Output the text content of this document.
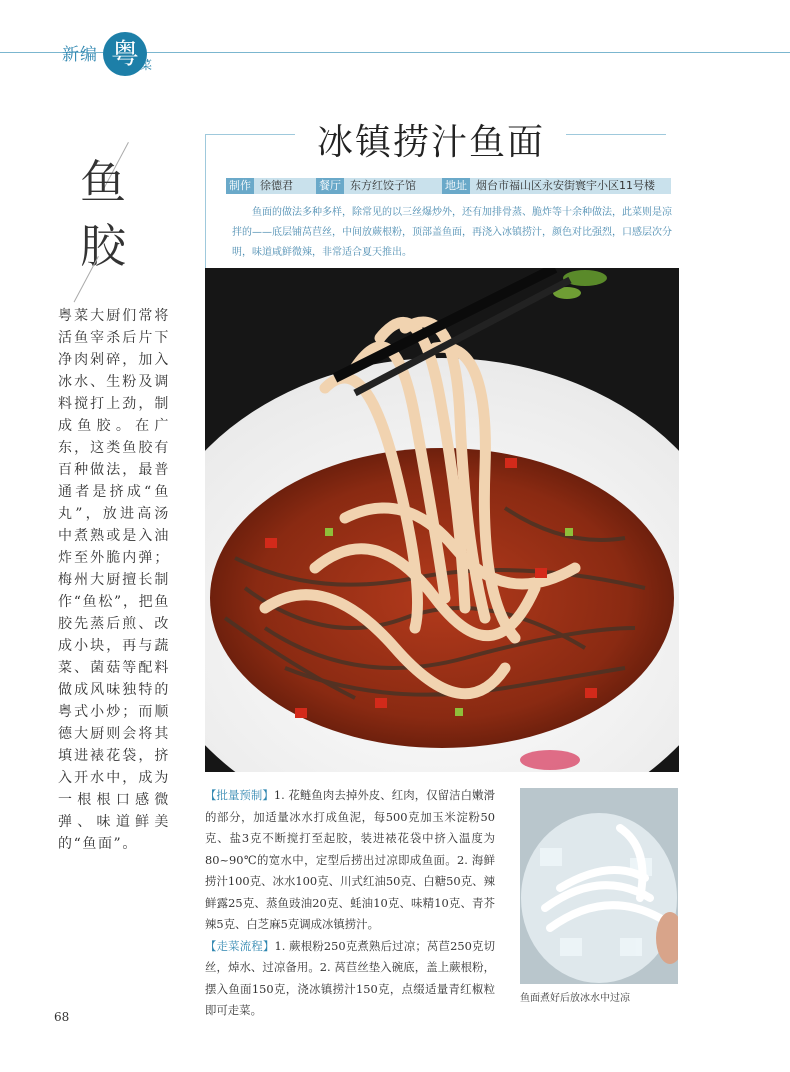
新编 粤 菜
鱼胶
粤菜大厨们常将活鱼宰杀后片下净肉剁碎，加入冰水、生粉及调料搅打上劲，制成鱼胶。在广东，这类鱼胶有百种做法，最普通者是挤成“鱼丸”，放进高汤中煮熟或是入油炸至外脆内弹；梅州大厨擅长制作“鱼松”，把鱼胶先蒸后煎、改成小块，再与蔬菜、菌菇等配料做成风味独特的粤式小炒；而顺德大厨则会将其填进裱花袋，挤入开水中，成为一根根口感微弹、味道鲜美的“鱼面”。
冰镇捞汁鱼面
制作 徐德君 餐厅 东方红饺子馆	地址 烟台市福山区永安街寰宇小区11号楼
鱼面的做法多种多样，除常见的以三丝爆炒外，还有加排骨蒸、脆炸等十余种做法，此菜则是凉拌的——底层铺莴苣丝，中间放蕨根粉，顶部盖鱼面，再浇入冰镇捞汁，颜色对比强烈，口感层次分明，味道咸鲜微辣，非常适合夏天推出。
【批量预制】1. 花鲢鱼肉去掉外皮、红肉，仅留洁白嫩滑的部分，加适量冰水打成鱼泥，每500克加玉米淀粉50克、盐3克不断搅打至起胶，装进裱花袋中挤入温度为80~90℃的宽水中，定型后捞出过凉即成鱼面。2. 海鲜捞汁100克、冰水100克、川式红油50克、白糖50克、辣鲜露25克、蒸鱼豉油20克、蚝油10克、味精10克、青芥辣5克、白芝麻5克调成冰镇捞汁。
【走菜流程】1. 蕨根粉250克煮熟后过凉；莴苣250克切丝，焯水、过凉备用。2. 莴苣丝垫入碗底，盖上蕨根粉，摆入鱼面150克，浇冰镇捞汁150克，点缀适量青红椒粒即可走菜。
鱼面煮好后放冰水中过凉
68
